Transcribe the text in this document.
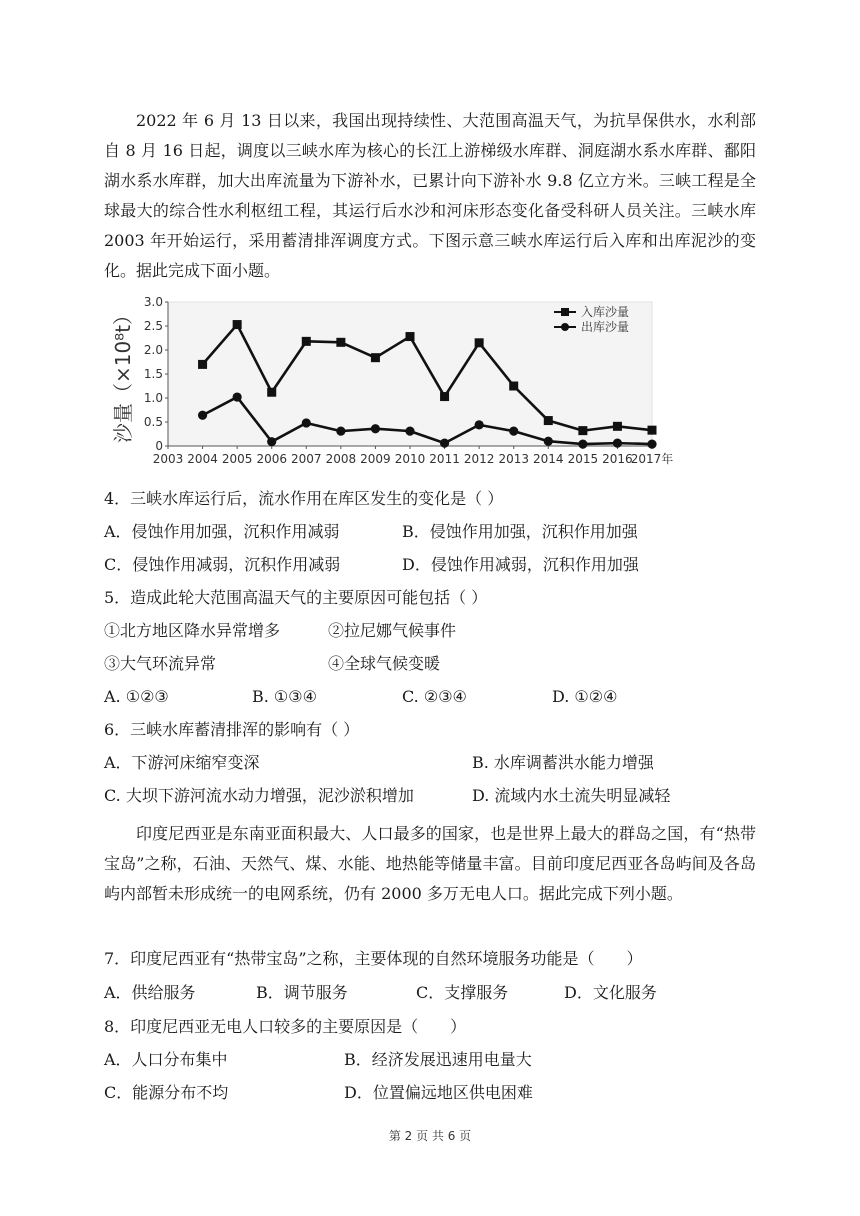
2022 年 6 月 13 日以来，我国出现持续性、大范围高温天气，为抗旱保供水，水利部自 8 月 16 日起，调度以三峡水库为核心的长江上游梯级水库群、洞庭湖水系水库群、鄱阳湖水系水库群，加大出库流量为下游补水，已累计向下游补水 9.8 亿立方米。三峡工程是全球最大的综合性水利枢纽工程，其运行后水沙和河床形态变化备受科研人员关注。三峡水库 2003 年开始运行，采用蓄清排浑调度方式。下图示意三峡水库运行后入库和出库泥沙的变化。据此完成下面小题。

0
0.5
1.0
1.5
2.0
2.5
3.0
2003 2004 2005 2006 2007 2008 2009 2010 2011 2012 2013 2014 2015 2016
2017年
沙量（×10⁸t）	入库沙量
出库沙量
4．三峡水库运行后，流水作用在库区发生的变化是（ ）
A．侵蚀作用加强，沉积作用减弱	B．侵蚀作用加强，沉积作用加强
C．侵蚀作用减弱，沉积作用减弱	D．侵蚀作用减弱，沉积作用加强
5．造成此轮大范围高温天气的主要原因可能包括（ ）
①北方地区降水异常增多	②拉尼娜气候事件
③大气环流异常	④全球气候变暖
A. ①②③	B. ①③④	C. ②③④	D. ①②④
6．三峡水库蓄清排浑的影响有（ ）
A．下游河床缩窄变深	B. 水库调蓄洪水能力增强
C. 大坝下游河流水动力增强，泥沙淤积增加	D. 流域内水土流失明显减轻

印度尼西亚是东南亚面积最大、人口最多的国家，也是世界上最大的群岛之国，有“热带宝岛”之称，石油、天然气、煤、水能、地热能等储量丰富。目前印度尼西亚各岛屿间及各岛屿内部暂未形成统一的电网系统，仍有 2000 多万无电人口。据此完成下列小题。

7．印度尼西亚有“热带宝岛”之称，主要体现的自然环境服务功能是（　　）
A．供给服务	B．调节服务	C．支撑服务	D．文化服务
8．印度尼西亚无电人口较多的主要原因是（　　）
A．人口分布集中	B．经济发展迅速用电量大
C．能源分布不均	D．位置偏远地区供电困难
第 2 页 共 6 页
